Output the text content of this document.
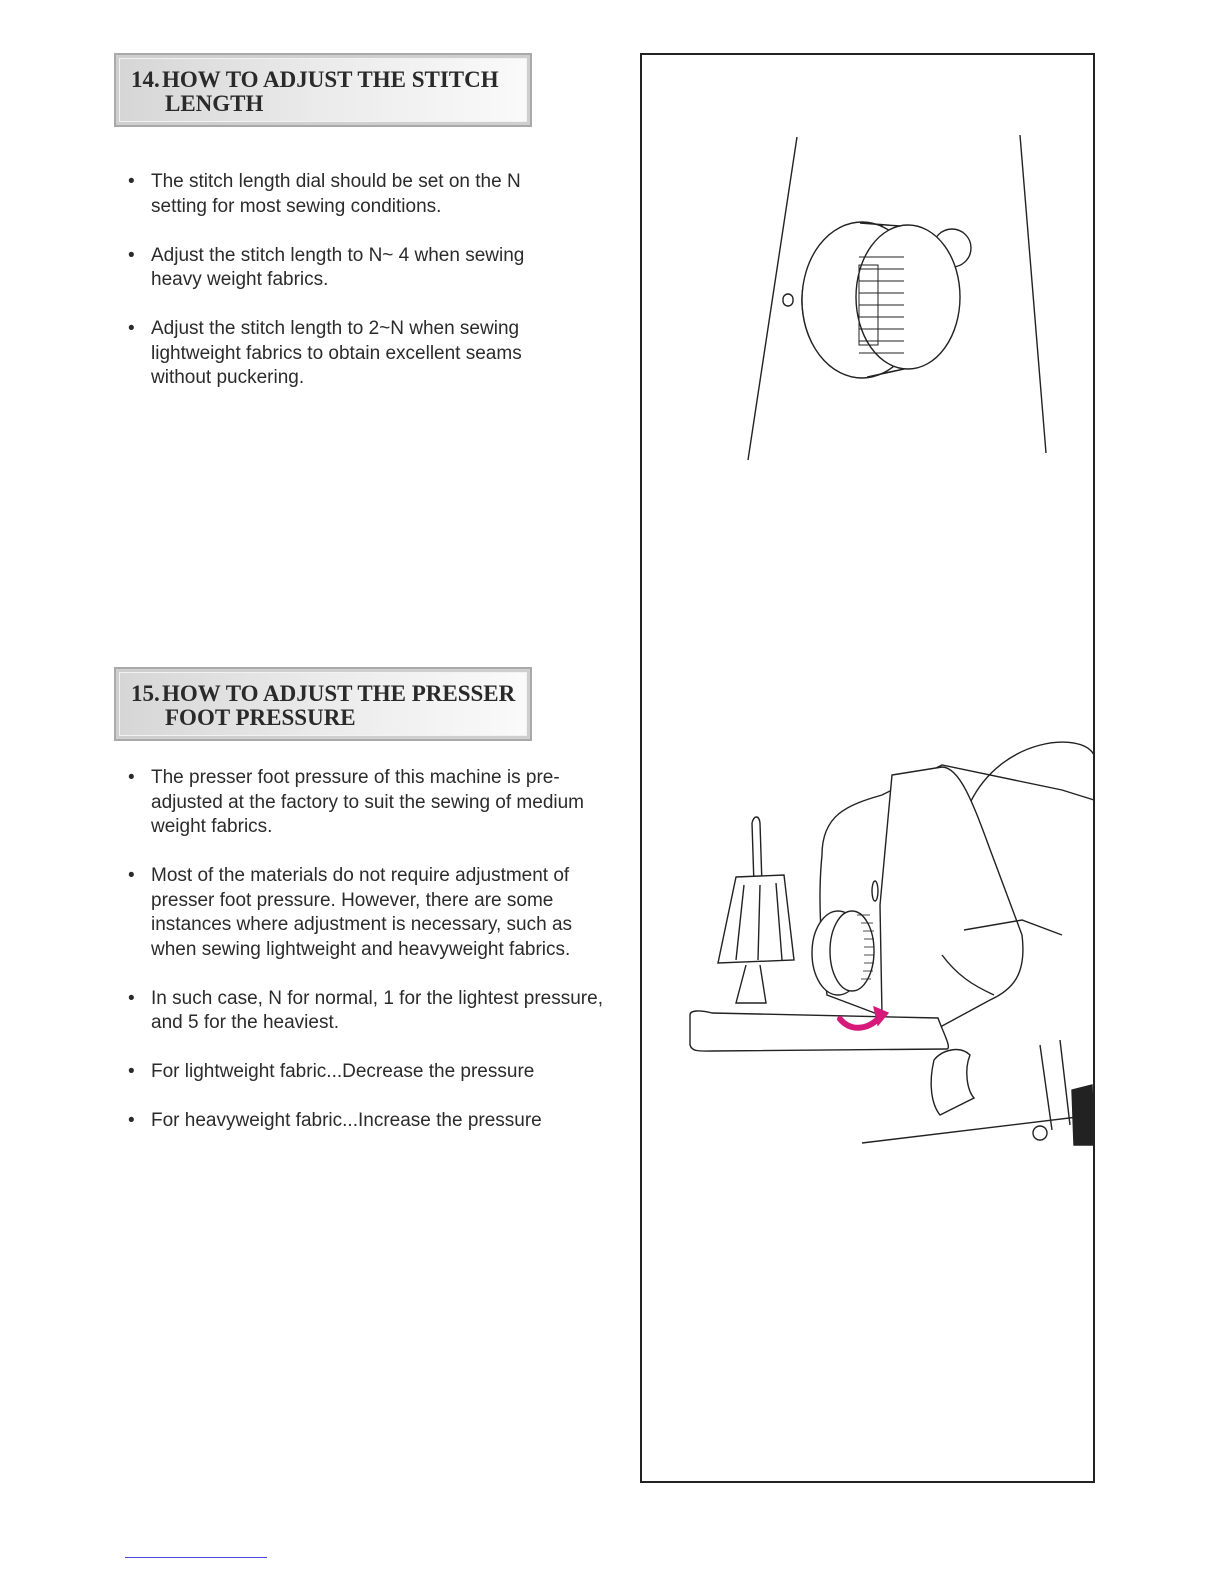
14.HOW TO ADJUST THE STITCH
LENGTH
• The stitch length dial should be set on the N
setting for most sewing conditions.
• Adjust the stitch length to N~ 4 when sewing
heavy weight fabrics.
• Adjust the stitch length to 2~N when sewing
lightweight fabrics to obtain excellent seams
without puckering.
15.HOW TO ADJUST THE PRESSER
FOOT PRESSURE
• The presser foot pressure of this machine is pre-
adjusted at the factory to suit the sewing of medium
weight fabrics.
• Most of the materials do not require adjustment of
presser foot pressure. However, there are some
instances where adjustment is necessary, such as
when sewing lightweight and heavyweight fabrics.
• In such case, N for normal, 1 for the lightest pressure,
and 5 for the heaviest.
• For lightweight fabric...Decrease the pressure
• For heavyweight fabric...Increase the pressure
